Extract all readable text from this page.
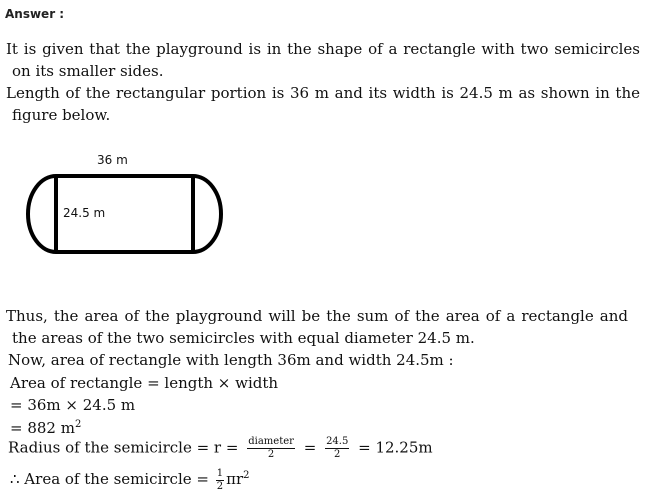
Answer :
It is given that the playground is in the shape of a rectangle with two semicircles
on its smaller sides.
Length of the rectangular portion is 36 m and its width is 24.5 m as shown in the
figure below.
36 m
24.5 m
Thus, the area of the playground will be the sum of the area of a rectangle and
the areas of the two semicircles with equal diameter 24.5 m.
Now, area of rectangle with length 36m and width 24.5m :
Area of rectangle = length × width
= 36m × 24.5 m
= 882 $m^2$
Radius of the semicircle = $r = \frac{\text{diameter}}{2} = \frac{24.5}{2} = 12.25m$
∴ Area of the semicircle = $\frac{1}{2} \pi r^2$
